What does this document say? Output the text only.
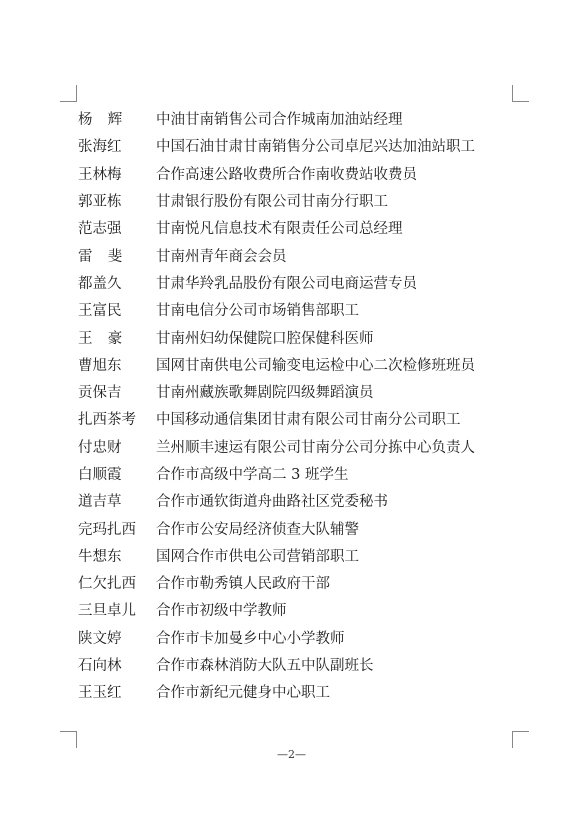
杨辉	中油甘南销售公司合作城南加油站经理
张海红	中国石油甘肃甘南销售分公司卓尼兴达加油站职工
王林梅	合作高速公路收费所合作南收费站收费员
郭亚栋	甘肃银行股份有限公司甘南分行职工
范志强	甘南悦凡信息技术有限责任公司总经理
雷斐	甘南州青年商会会员
都盖久	甘肃华羚乳品股份有限公司电商运营专员
王富民	甘南电信分公司市场销售部职工
王豪	甘南州妇幼保健院口腔保健科医师
曹旭东	国网甘南供电公司输变电运检中心二次检修班班员
贡保吉	甘南州藏族歌舞剧院四级舞蹈演员
扎西茶考	中国移动通信集团甘肃有限公司甘南分公司职工
付忠财	兰州顺丰速运有限公司甘南分公司分拣中心负责人
白顺霞	合作市高级中学高二 3 班学生
道吉草	合作市通钦街道舟曲路社区党委秘书
完玛扎西	合作市公安局经济侦查大队辅警
牛想东	国网合作市供电公司营销部职工
仁欠扎西	合作市勒秀镇人民政府干部
三旦卓儿	合作市初级中学教师
陕文婷	合作市卡加曼乡中心小学教师
石向林	合作市森林消防大队五中队副班长
王玉红	合作市新纪元健身中心职工
—2—
